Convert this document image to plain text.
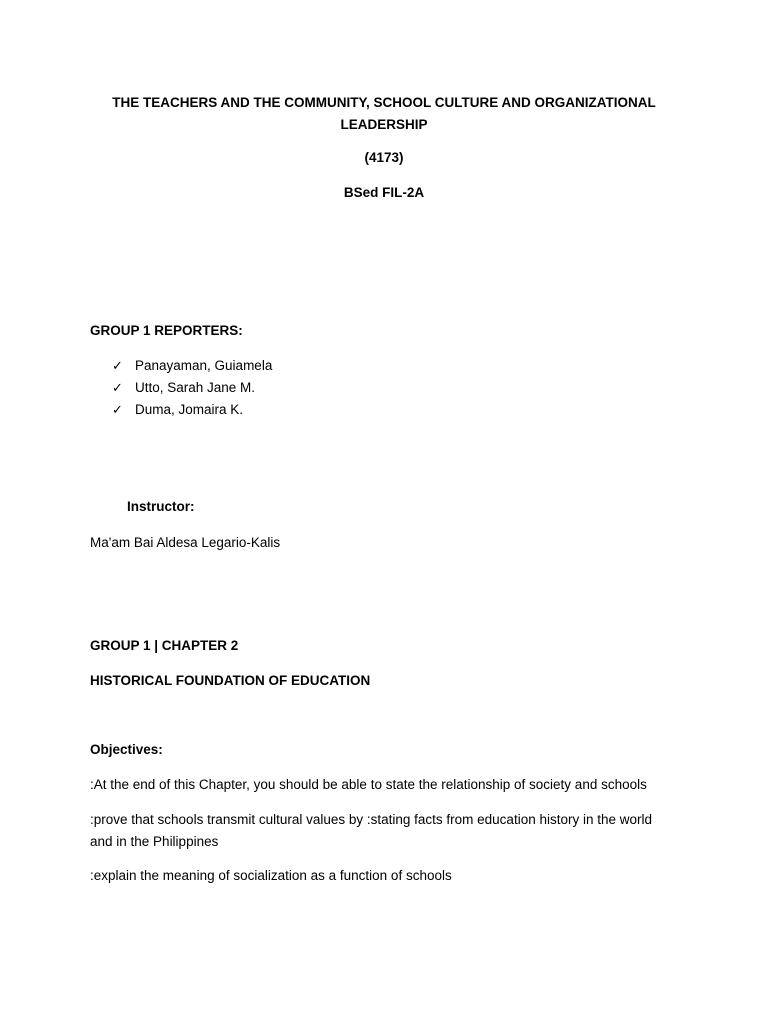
THE TEACHERS AND THE COMMUNITY, SCHOOL CULTURE AND ORGANIZATIONAL
LEADERSHIP
(4173)
BSed FIL-2A
GROUP 1 REPORTERS:
✓ Panayaman, Guiamela
✓ Utto, Sarah Jane M.
✓ Duma, Jomaira K.
Instructor:
Ma'am Bai Aldesa Legario-Kalis
GROUP 1 | CHAPTER 2
HISTORICAL FOUNDATION OF EDUCATION
Objectives:
:At the end of this Chapter, you should be able to state the relationship of society and schools
:prove that schools transmit cultural values by :stating facts from education history in the world
and in the Philippines
:explain the meaning of socialization as a function of schools
